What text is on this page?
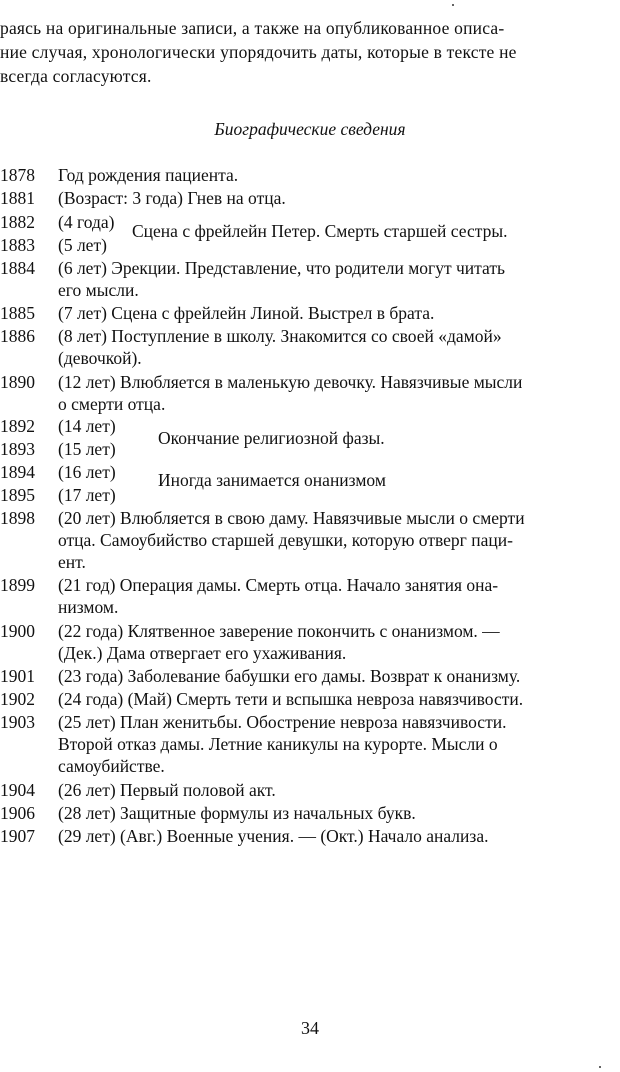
раясь на оригинальные записи, а также на опубликованное описа-
ние случая, хронологически упорядочить даты, которые в тексте не
всегда согласуются.
Биографические сведения
1878 Год рождения пациента.
1881 (Возраст: 3 года) Гнев на отца.
1882 (4 года) Сцена с фрейлейн Петер. Смерть старшей сестры.
1883 (5 лет)
1884 (6 лет) Эрекции. Представление, что родители могут читать
его мысли.
1885 (7 лет) Сцена с фрейлейн Линой. Выстрел в брата.
1886 (8 лет) Поступление в школу. Знакомится со своей «дамой»
(девочкой).
1890 (12 лет) Влюбляется в маленькую девочку. Навязчивые мысли
о смерти отца.
1892 (14 лет)
1893 (15 лет)
1894 (16 лет)
1895 (17 лет)
Окончание религиозной фазы.
Иногда занимается онанизмом
1898 (20 лет) Влюбляется в свою даму. Навязчивые мысли о смерти
отца. Самоубийство старшей девушки, которую отверг паци-
ент.
1899 (21 год) Операция дамы. Смерть отца. Начало занятия она-
низмом.
1900 (22 года) Клятвенное заверение покончить с онанизмом. —
(Дек.) Дама отвергает его ухаживания.
1901 (23 года) Заболевание бабушки его дамы. Возврат к онанизму.
1902 (24 года) (Май) Смерть тети и вспышка невроза навязчивости.
1903 (25 лет) План женитьбы. Обострение невроза навязчивости.
Второй отказ дамы. Летние каникулы на курорте. Мысли о
самоубийстве.
1904 (26 лет) Первый половой акт.
1906 (28 лет) Защитные формулы из начальных букв.
1907 (29 лет) (Авг.) Военные учения. — (Окт.) Начало анализа.
34
